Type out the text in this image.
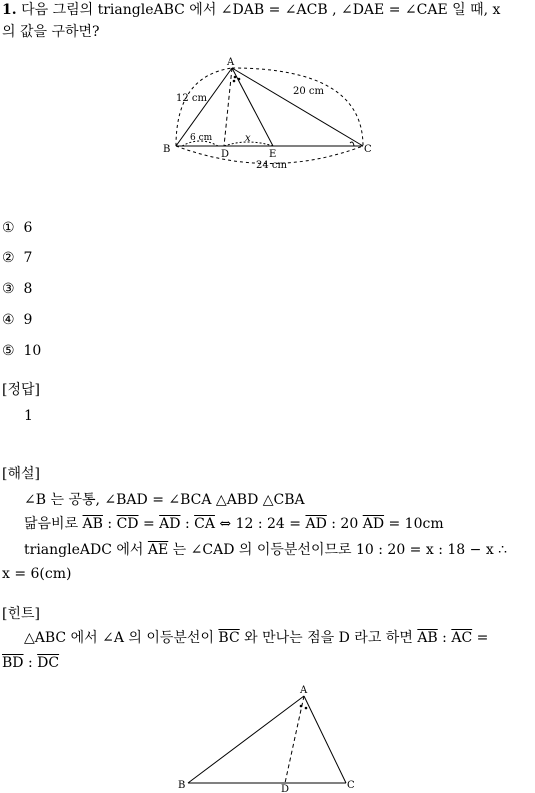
1. 다음 그림의 triangleABC 에서 ∠DAB = ∠ACB , ∠DAE = ∠CAE 일 때, x
의 값을 구하면?
A
B	C
D	E
12 cm
20 cm
6 cm	x
24 cm
① 6
② 7
③ 8
④ 9
⑤ 10
[정답]
1
[해설]
∠B 는 공통, ∠BAD = ∠BCA △ABD △CBA
닮음비로 $\overline{AB}$ : $\overline{CD} = \overline{AD}$ : $\overline{CA}$ ⇔ 12 : $24 = \overline{AD}$ : 20 $\overline{AD} = 10cm$
triangleADC 에서 $\overline{AE}$ 는 ∠CAD 의 이등분선이므로 10 : 20 = x : 18 − x ∴
x = 6(cm)
[힌트]
△ABC 에서 ∠A 의 이등분선이 $\overline{BC}$ 와 만나는 점을 D 라고 하면 $\overline{AB}$ : $\overline{AC}$ =
$\overline{BD}$ : $\overline{DC}$
A
B	C
D
